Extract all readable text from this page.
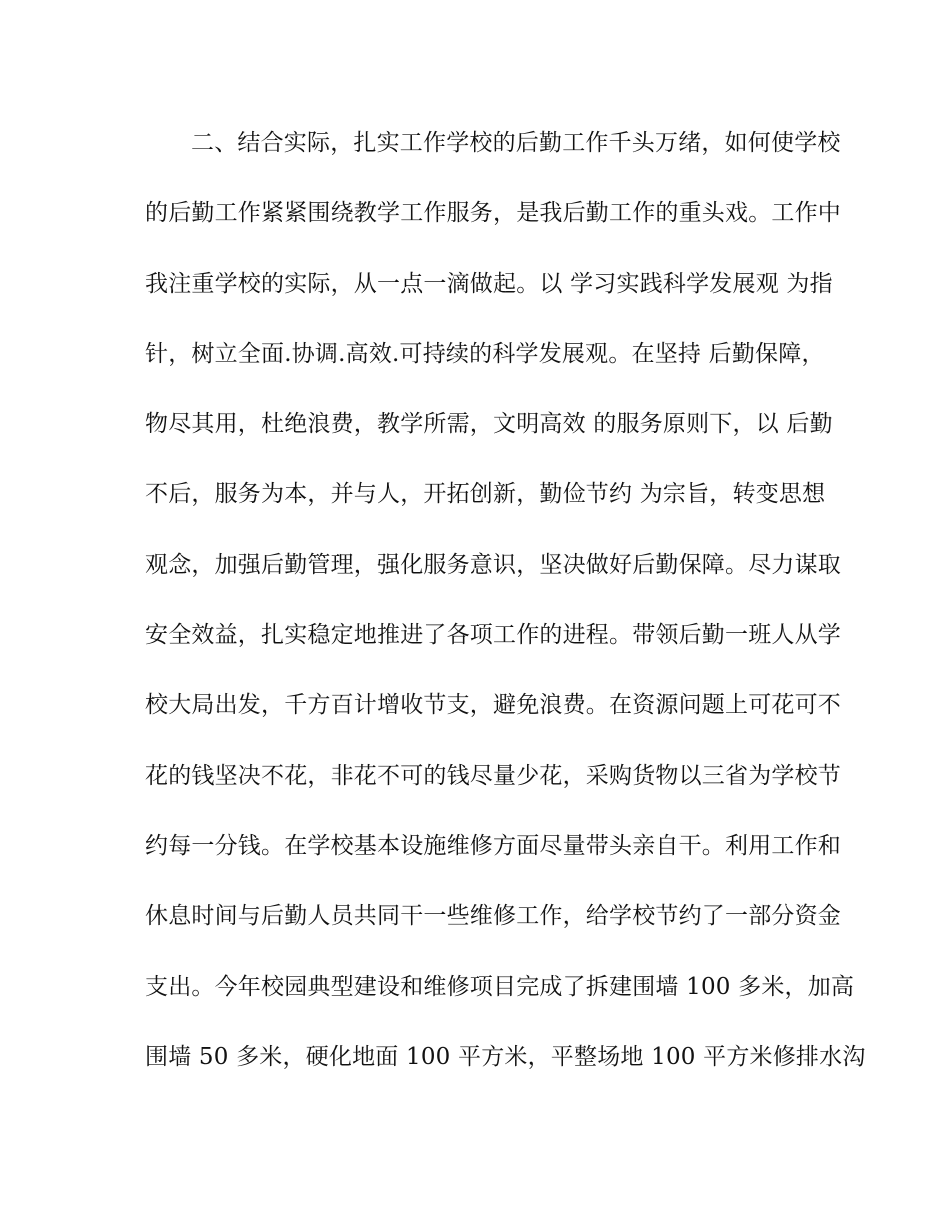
二、结合实际，扎实工作学校的后勤工作千头万绪，如何使学校
的后勤工作紧紧围绕教学工作服务，是我后勤工作的重头戏。工作中
我注重学校的实际，从一点一滴做起。以 学习实践科学发展观 为指
针，树立全面.协调.高效.可持续的科学发展观。在坚持 后勤保障，
物尽其用，杜绝浪费，教学所需，文明高效 的服务原则下，以 后勤
不后，服务为本，并与人，开拓创新，勤俭节约 为宗旨，转变思想
观念，加强后勤管理，强化服务意识，坚决做好后勤保障。尽力谋取
安全效益，扎实稳定地推进了各项工作的进程。带领后勤一班人从学
校大局出发，千方百计增收节支，避免浪费。在资源问题上可花可不
花的钱坚决不花，非花不可的钱尽量少花，采购货物以三省为学校节
约每一分钱。在学校基本设施维修方面尽量带头亲自干。利用工作和
休息时间与后勤人员共同干一些维修工作，给学校节约了一部分资金
支出。今年校园典型建设和维修项目完成了拆建围墙 100 多米，加高
围墙 50 多米，硬化地面 100 平方米，平整场地 100 平方米修排水沟
